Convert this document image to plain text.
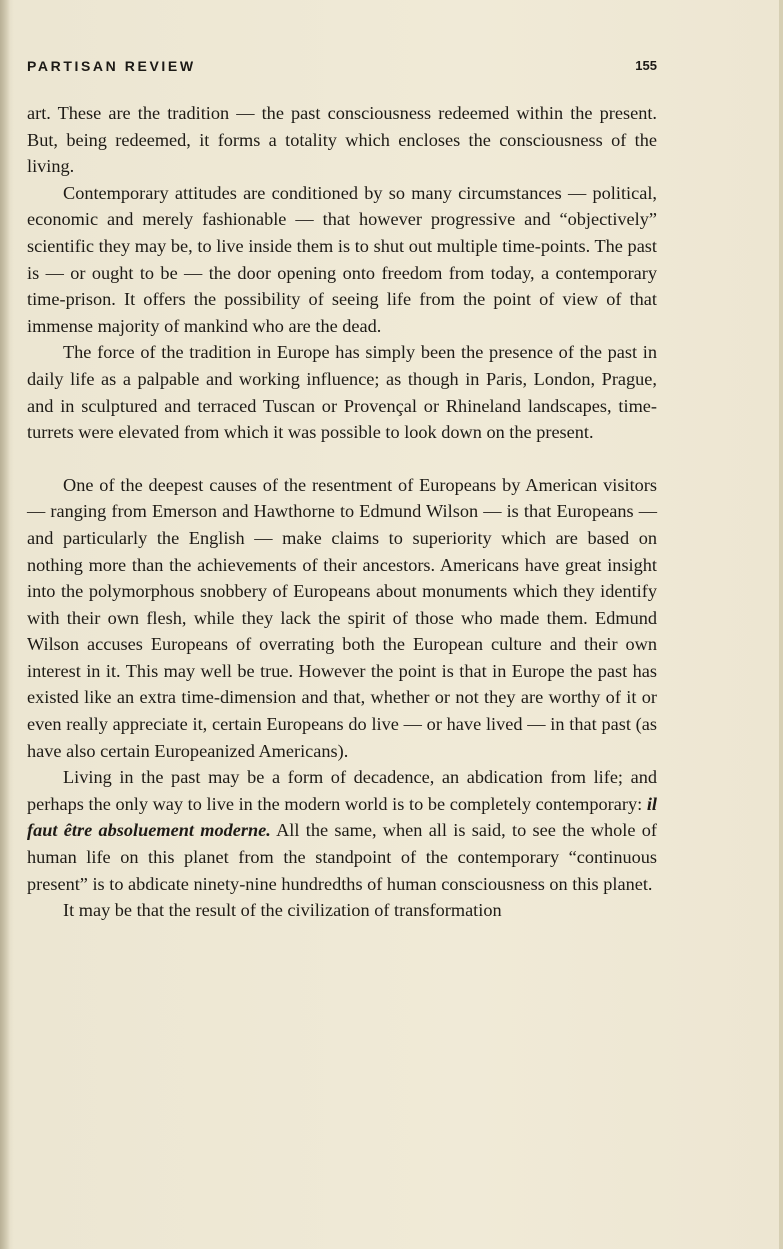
PARTISAN REVIEW	155

art. These are the tradition — the past consciousness redeemed within the present. But, being redeemed, it forms a totality which encloses the consciousness of the living.

Contemporary attitudes are conditioned by so many circumstances — political, economic and merely fashionable — that however progressive and “objectively” scientific they may be, to live inside them is to shut out multiple time-points. The past is — or ought to be — the door opening onto freedom from today, a contemporary time-prison. It offers the possibility of seeing life from the point of view of that immense majority of mankind who are the dead.

The force of the tradition in Europe has simply been the presence of the past in daily life as a palpable and working influence; as though in Paris, London, Prague, and in sculptured and terraced Tuscan or Provençal or Rhineland landscapes, time-turrets were elevated from which it was possible to look down on the present.

One of the deepest causes of the resentment of Europeans by American visitors — ranging from Emerson and Hawthorne to Edmund Wilson — is that Europeans — and particularly the English — make claims to superiority which are based on nothing more than the achievements of their ancestors. Americans have great insight into the polymorphous snobbery of Europeans about monuments which they identify with their own flesh, while they lack the spirit of those who made them. Edmund Wilson accuses Europeans of overrating both the European culture and their own interest in it. This may well be true. However the point is that in Europe the past has existed like an extra time-dimension and that, whether or not they are worthy of it or even really appreciate it, certain Europeans do live — or have lived — in that past (as have also certain Europeanized Americans).

Living in the past may be a form of decadence, an abdication from life; and perhaps the only way to live in the modern world is to be completely contemporary: il faut être absoluement moderne. All the same, when all is said, to see the whole of human life on this planet from the standpoint of the contemporary “continuous present” is to abdicate ninety-nine hundredths of human consciousness on this planet.

It may be that the result of the civilization of transformation
